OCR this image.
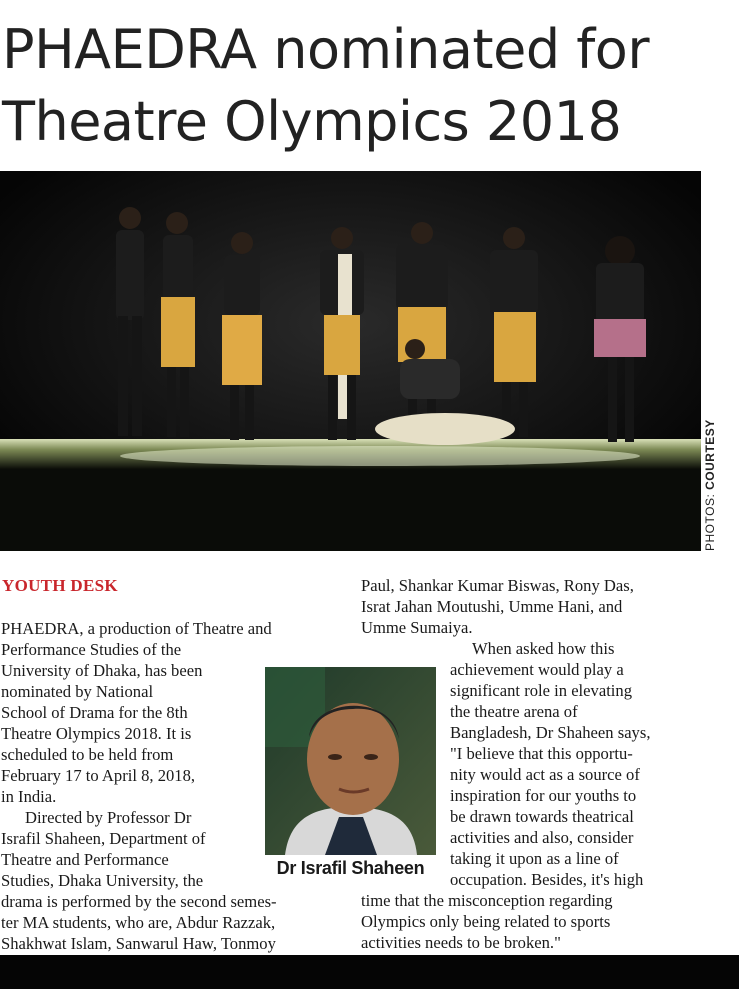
PHAEDRA nominated for
Theatre Olympics 2018
PHOTOS: COURTESY
YOUTH DESK
PHAEDRA, a production of Theatre and
Performance Studies of the
University of Dhaka, has been
nominated by National
School of Drama for the 8th
Theatre Olympics 2018. It is
scheduled to be held from
February 17 to April 8, 2018,
in India.
Directed by Professor Dr
Israfil Shaheen, Department of
Theatre and Performance
Studies, Dhaka University, the
drama is performed by the second semes-
ter MA students, who are, Abdur Razzak,
Shakhwat Islam, Sanwarul Haw, Tonmoy
Paul, Shankar Kumar Biswas, Rony Das,
Israt Jahan Moutushi, Umme Hani, and
Umme Sumaiya.
When asked how this
achievement would play a
significant role in elevating
the theatre arena of
Bangladesh, Dr Shaheen says,
"I believe that this opportu-
nity would act as a source of
inspiration for our youths to
be drawn towards theatrical
activities and also, consider
taking it upon as a line of
occupation. Besides, it's high
time that the misconception regarding
Olympics only being related to sports
activities needs to be broken."
Dr Israfil Shaheen
